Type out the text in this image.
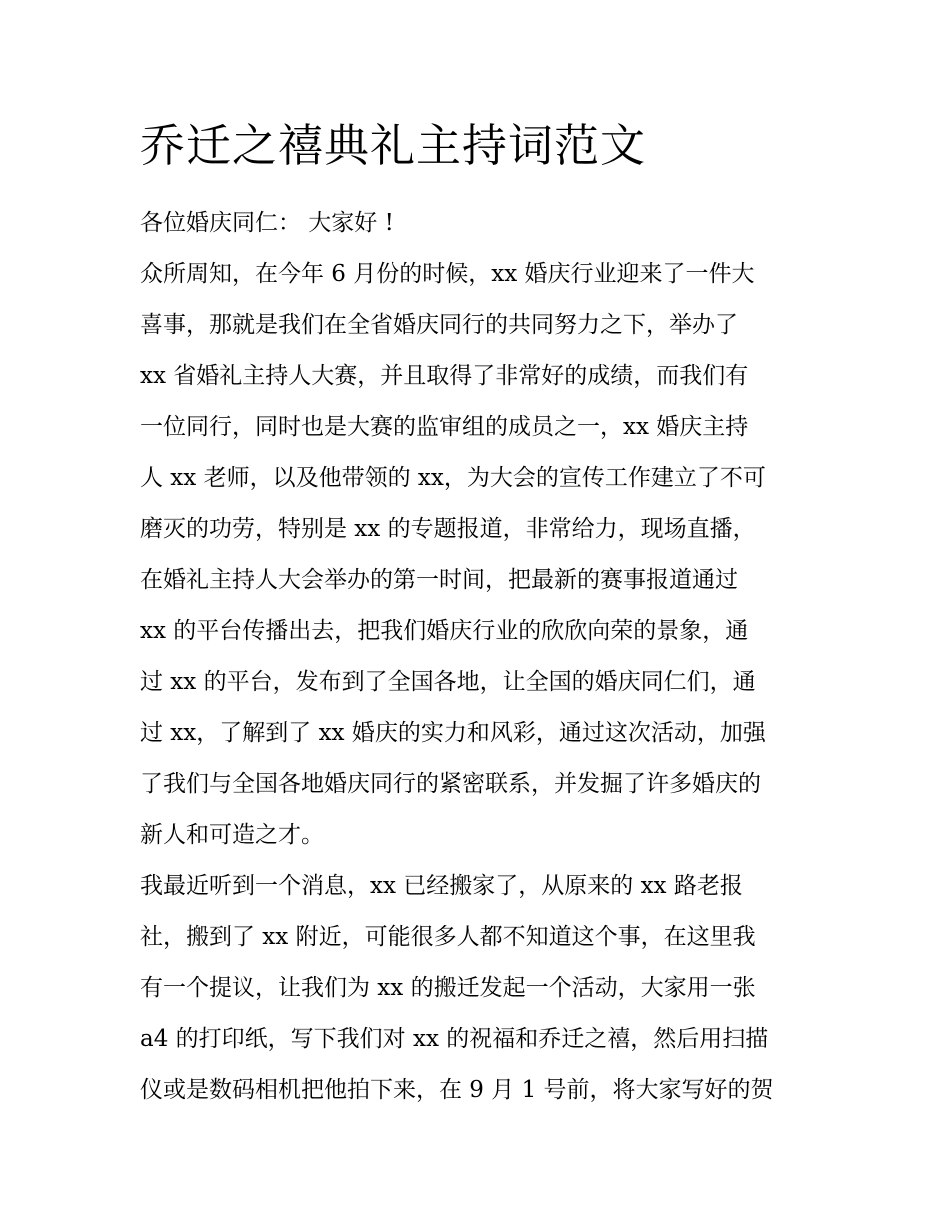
乔迁之禧典礼主持词范文
各位婚庆同仁： 大家好 !
众所周知，在今年 6 月份的时候，xx 婚庆行业迎来了一件大
喜事，那就是我们在全省婚庆同行的共同努力之下，举办了
xx 省婚礼主持人大赛，并且取得了非常好的成绩，而我们有
一位同行，同时也是大赛的监审组的成员之一，xx 婚庆主持
人 xx 老师，以及他带领的 xx，为大会的宣传工作建立了不可
磨灭的功劳，特别是 xx 的专题报道，非常给力，现场直播，
在婚礼主持人大会举办的第一时间，把最新的赛事报道通过
xx 的平台传播出去，把我们婚庆行业的欣欣向荣的景象，通
过 xx 的平台，发布到了全国各地，让全国的婚庆同仁们，通
过 xx，了解到了 xx 婚庆的实力和风彩，通过这次活动，加强
了我们与全国各地婚庆同行的紧密联系，并发掘了许多婚庆的
新人和可造之才。
我最近听到一个消息，xx 已经搬家了，从原来的 xx 路老报
社，搬到了 xx 附近，可能很多人都不知道这个事，在这里我
有一个提议，让我们为 xx 的搬迁发起一个活动，大家用一张
a4 的打印纸，写下我们对 xx 的祝福和乔迁之禧，然后用扫描
仪或是数码相机把他拍下来，在 9 月 1 号前，将大家写好的贺
